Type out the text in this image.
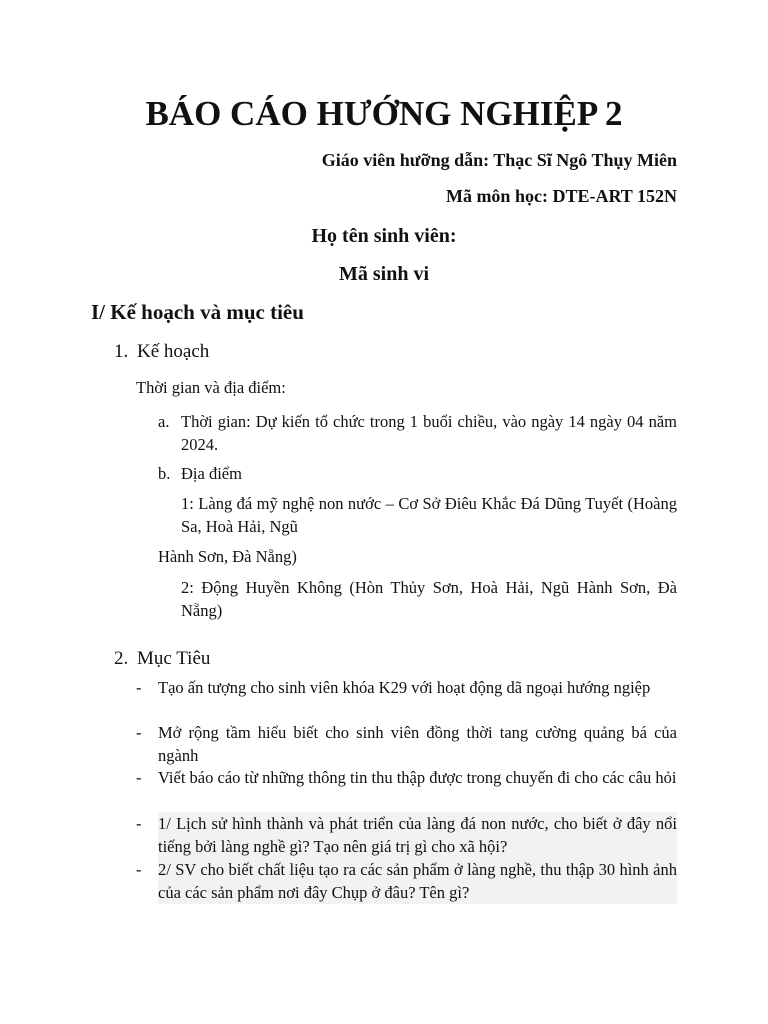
BÁO CÁO HƯỚNG NGHIỆP 2
Giáo viên hưỡng dẫn: Thạc Sĩ Ngô Thụy Miên
Mã môn học: DTE-ART 152N
Họ tên sinh viên:
Mã sinh vi
I/ Kế hoạch và mục tiêu
1. Kế hoạch
Thời gian và địa điểm:
a. Thời gian: Dự kiến tổ chức trong 1 buổi chiều, vào ngày 14 ngày 04 năm 2024.
b. Địa điểm
1: Làng đá mỹ nghệ non nước – Cơ Sở Điêu Khắc Đá Dũng Tuyết (Hoàng Sa, Hoà Hải, Ngũ
Hành Sơn, Đà Nẵng)
2: Động Huyền Không (Hòn Thủy Sơn, Hoà Hải, Ngũ Hành Sơn, Đà Nẵng)
2. Mục Tiêu
- Tạo ấn tượng cho sinh viên khóa K29 với hoạt động dã ngoại hướng ngiệp
- Mở rộng tầm hiểu biết cho sinh viên đồng thời tang cường quảng bá của ngành
- Viết báo cáo từ những thông tin thu thập được trong chuyến đi cho các câu hỏi
- 1/ Lịch sử hình thành và phát triển của làng đá non nước, cho biết ở đây nổi tiếng bởi làng nghề gì? Tạo nên giá trị gì cho xã hội?
- 2/ SV cho biết chất liệu tạo ra các sản phẩm ở làng nghề, thu thập 30 hình ảnh của các sản phẩm nơi đây Chụp ở đâu? Tên gì?
